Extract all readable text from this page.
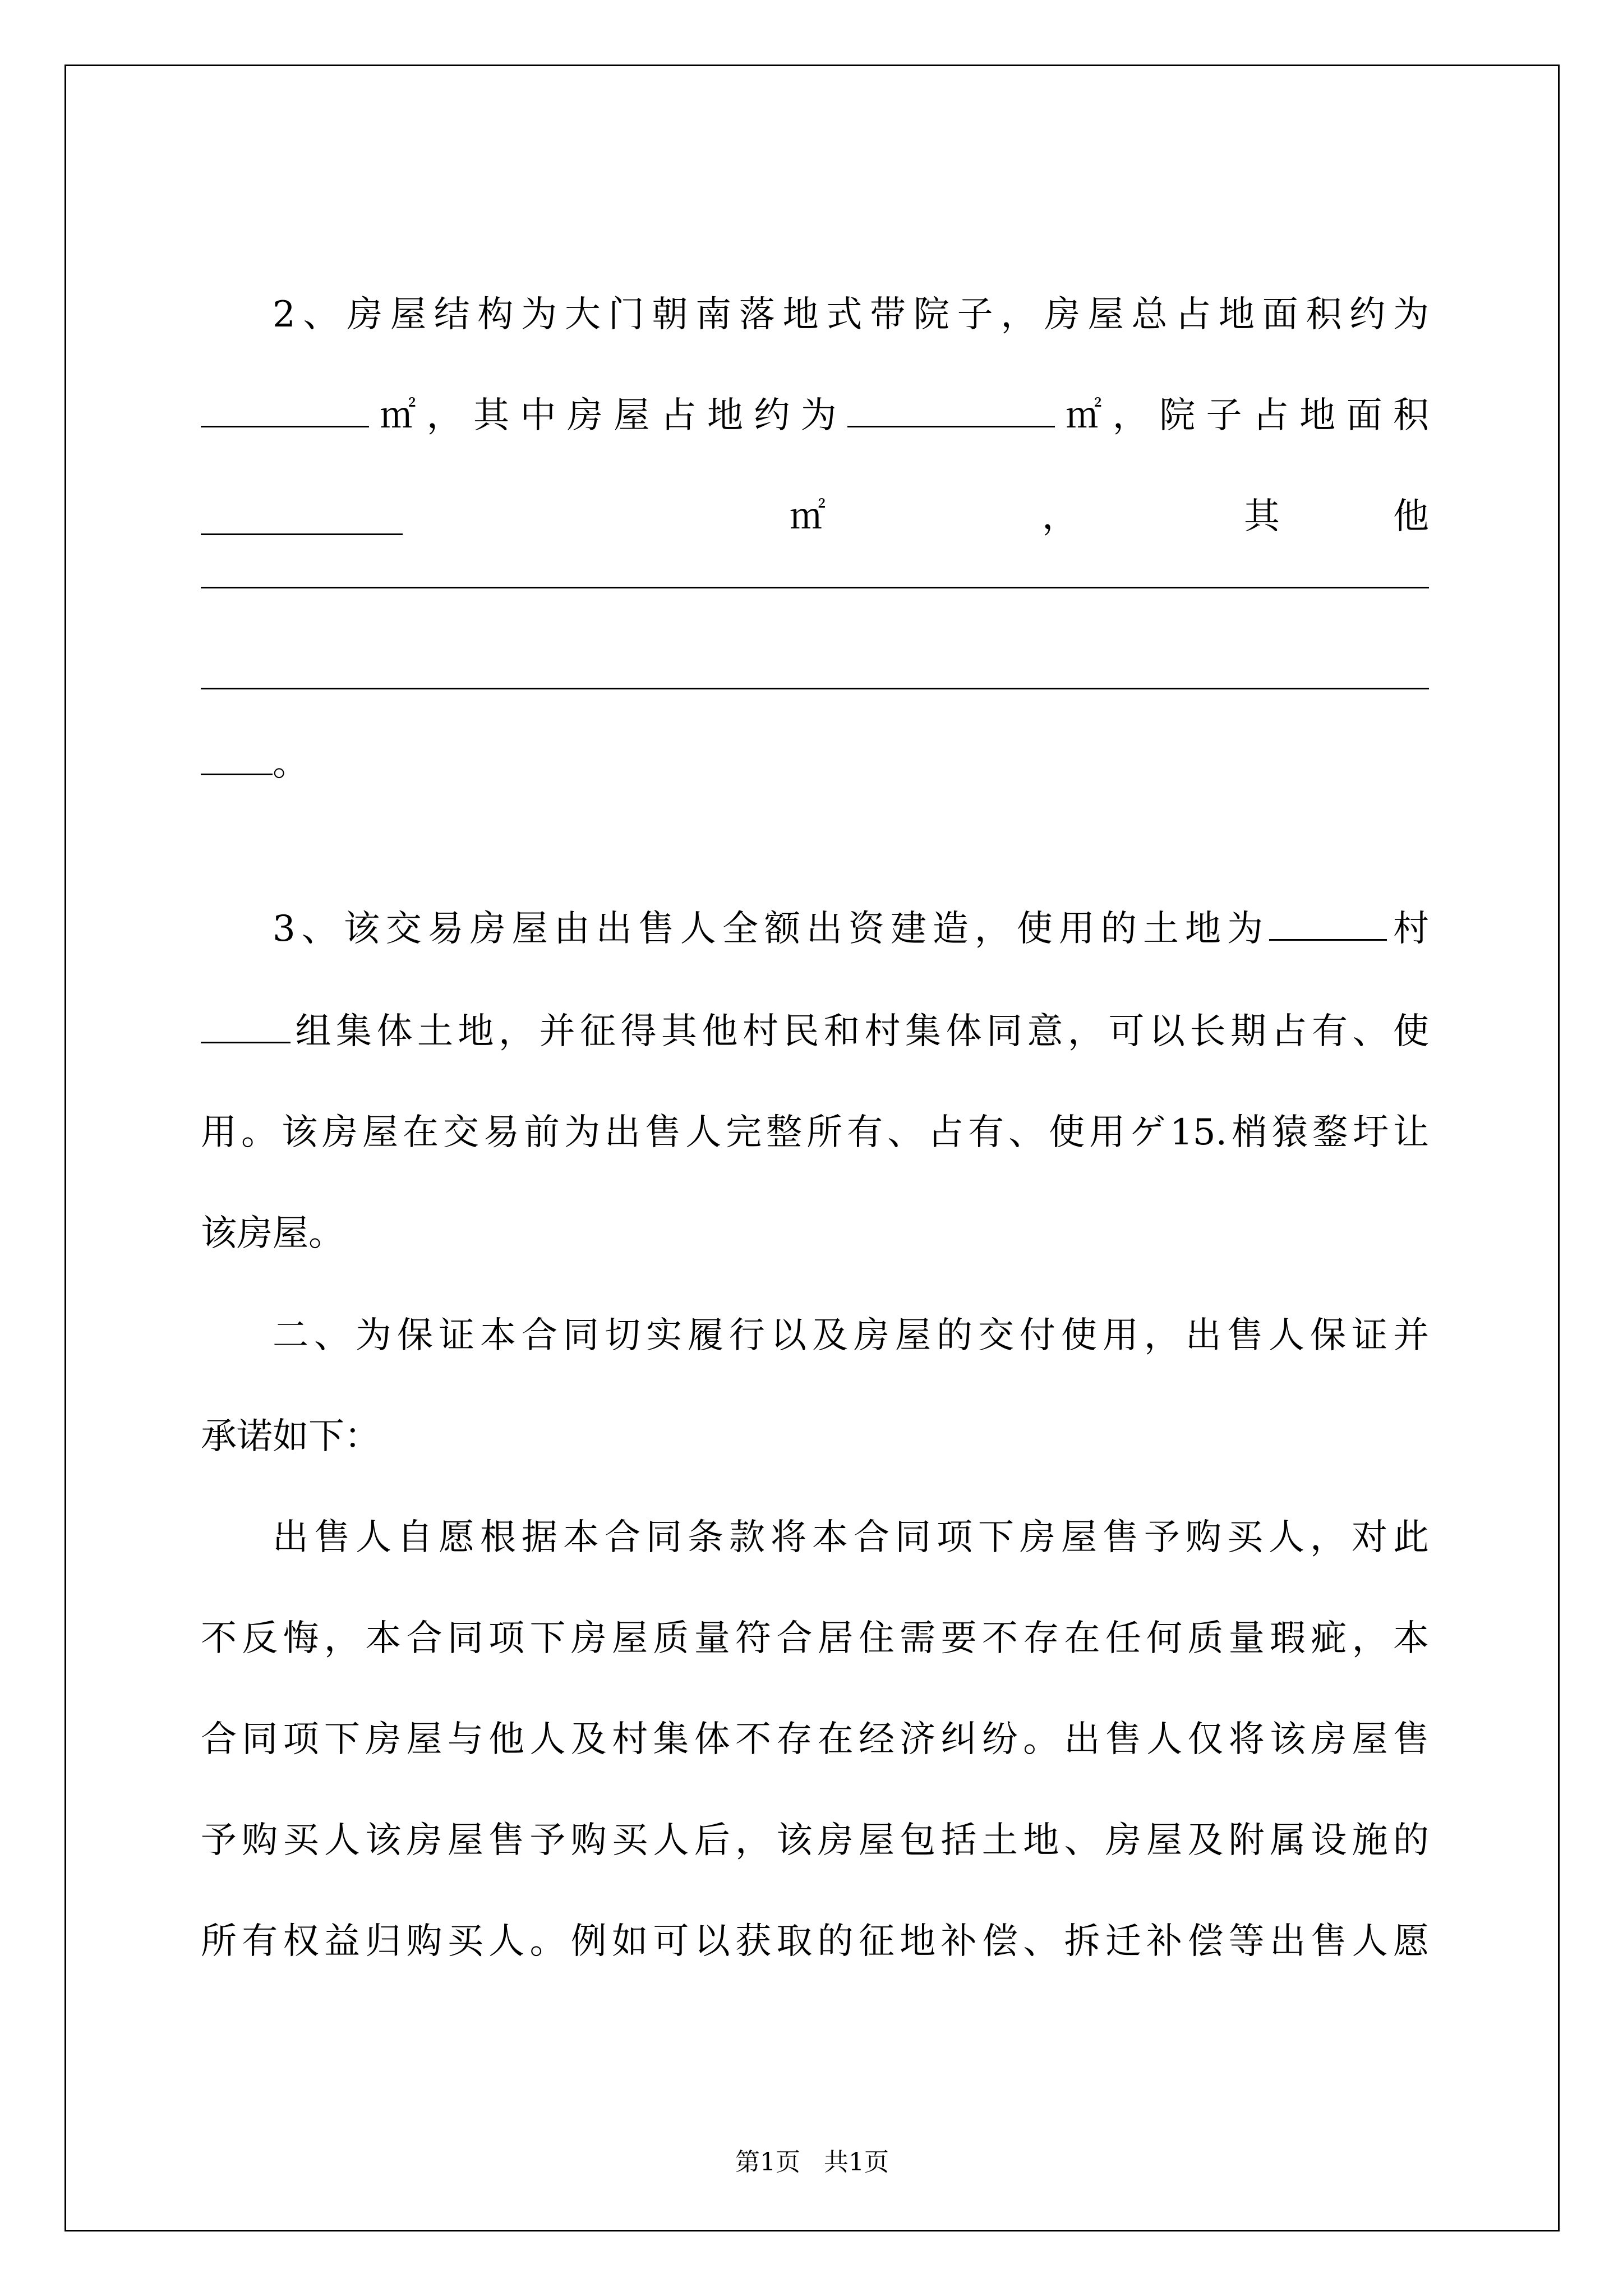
2、房屋结构为大门朝南落地式带院子，房屋总占地面积约为
㎡，其中房屋占地约为	㎡，院子占地面积
㎡	，	其	他
。
3、该交易房屋由出售人全额出资建造，使用的土地为	村
组集体土地，并征得其他村民和村集体同意，可以长期占有、使
用。该房屋在交易前为出售人完整所有、占有、使用ゲ15.梢猿鍪圩让
该房屋。
二、为保证本合同切实履行以及房屋的交付使用，出售人保证并
承诺如下：
出售人自愿根据本合同条款将本合同项下房屋售予购买人，对此
不反悔，本合同项下房屋质量符合居住需要不存在任何质量瑕疵，本
合同项下房屋与他人及村集体不存在经济纠纷。出售人仅将该房屋售
予购买人该房屋售予购买人后，该房屋包括土地、房屋及附属设施的
所有权益归购买人。例如可以获取的征地补偿、拆迁补偿等出售人愿
第1页 共1页
